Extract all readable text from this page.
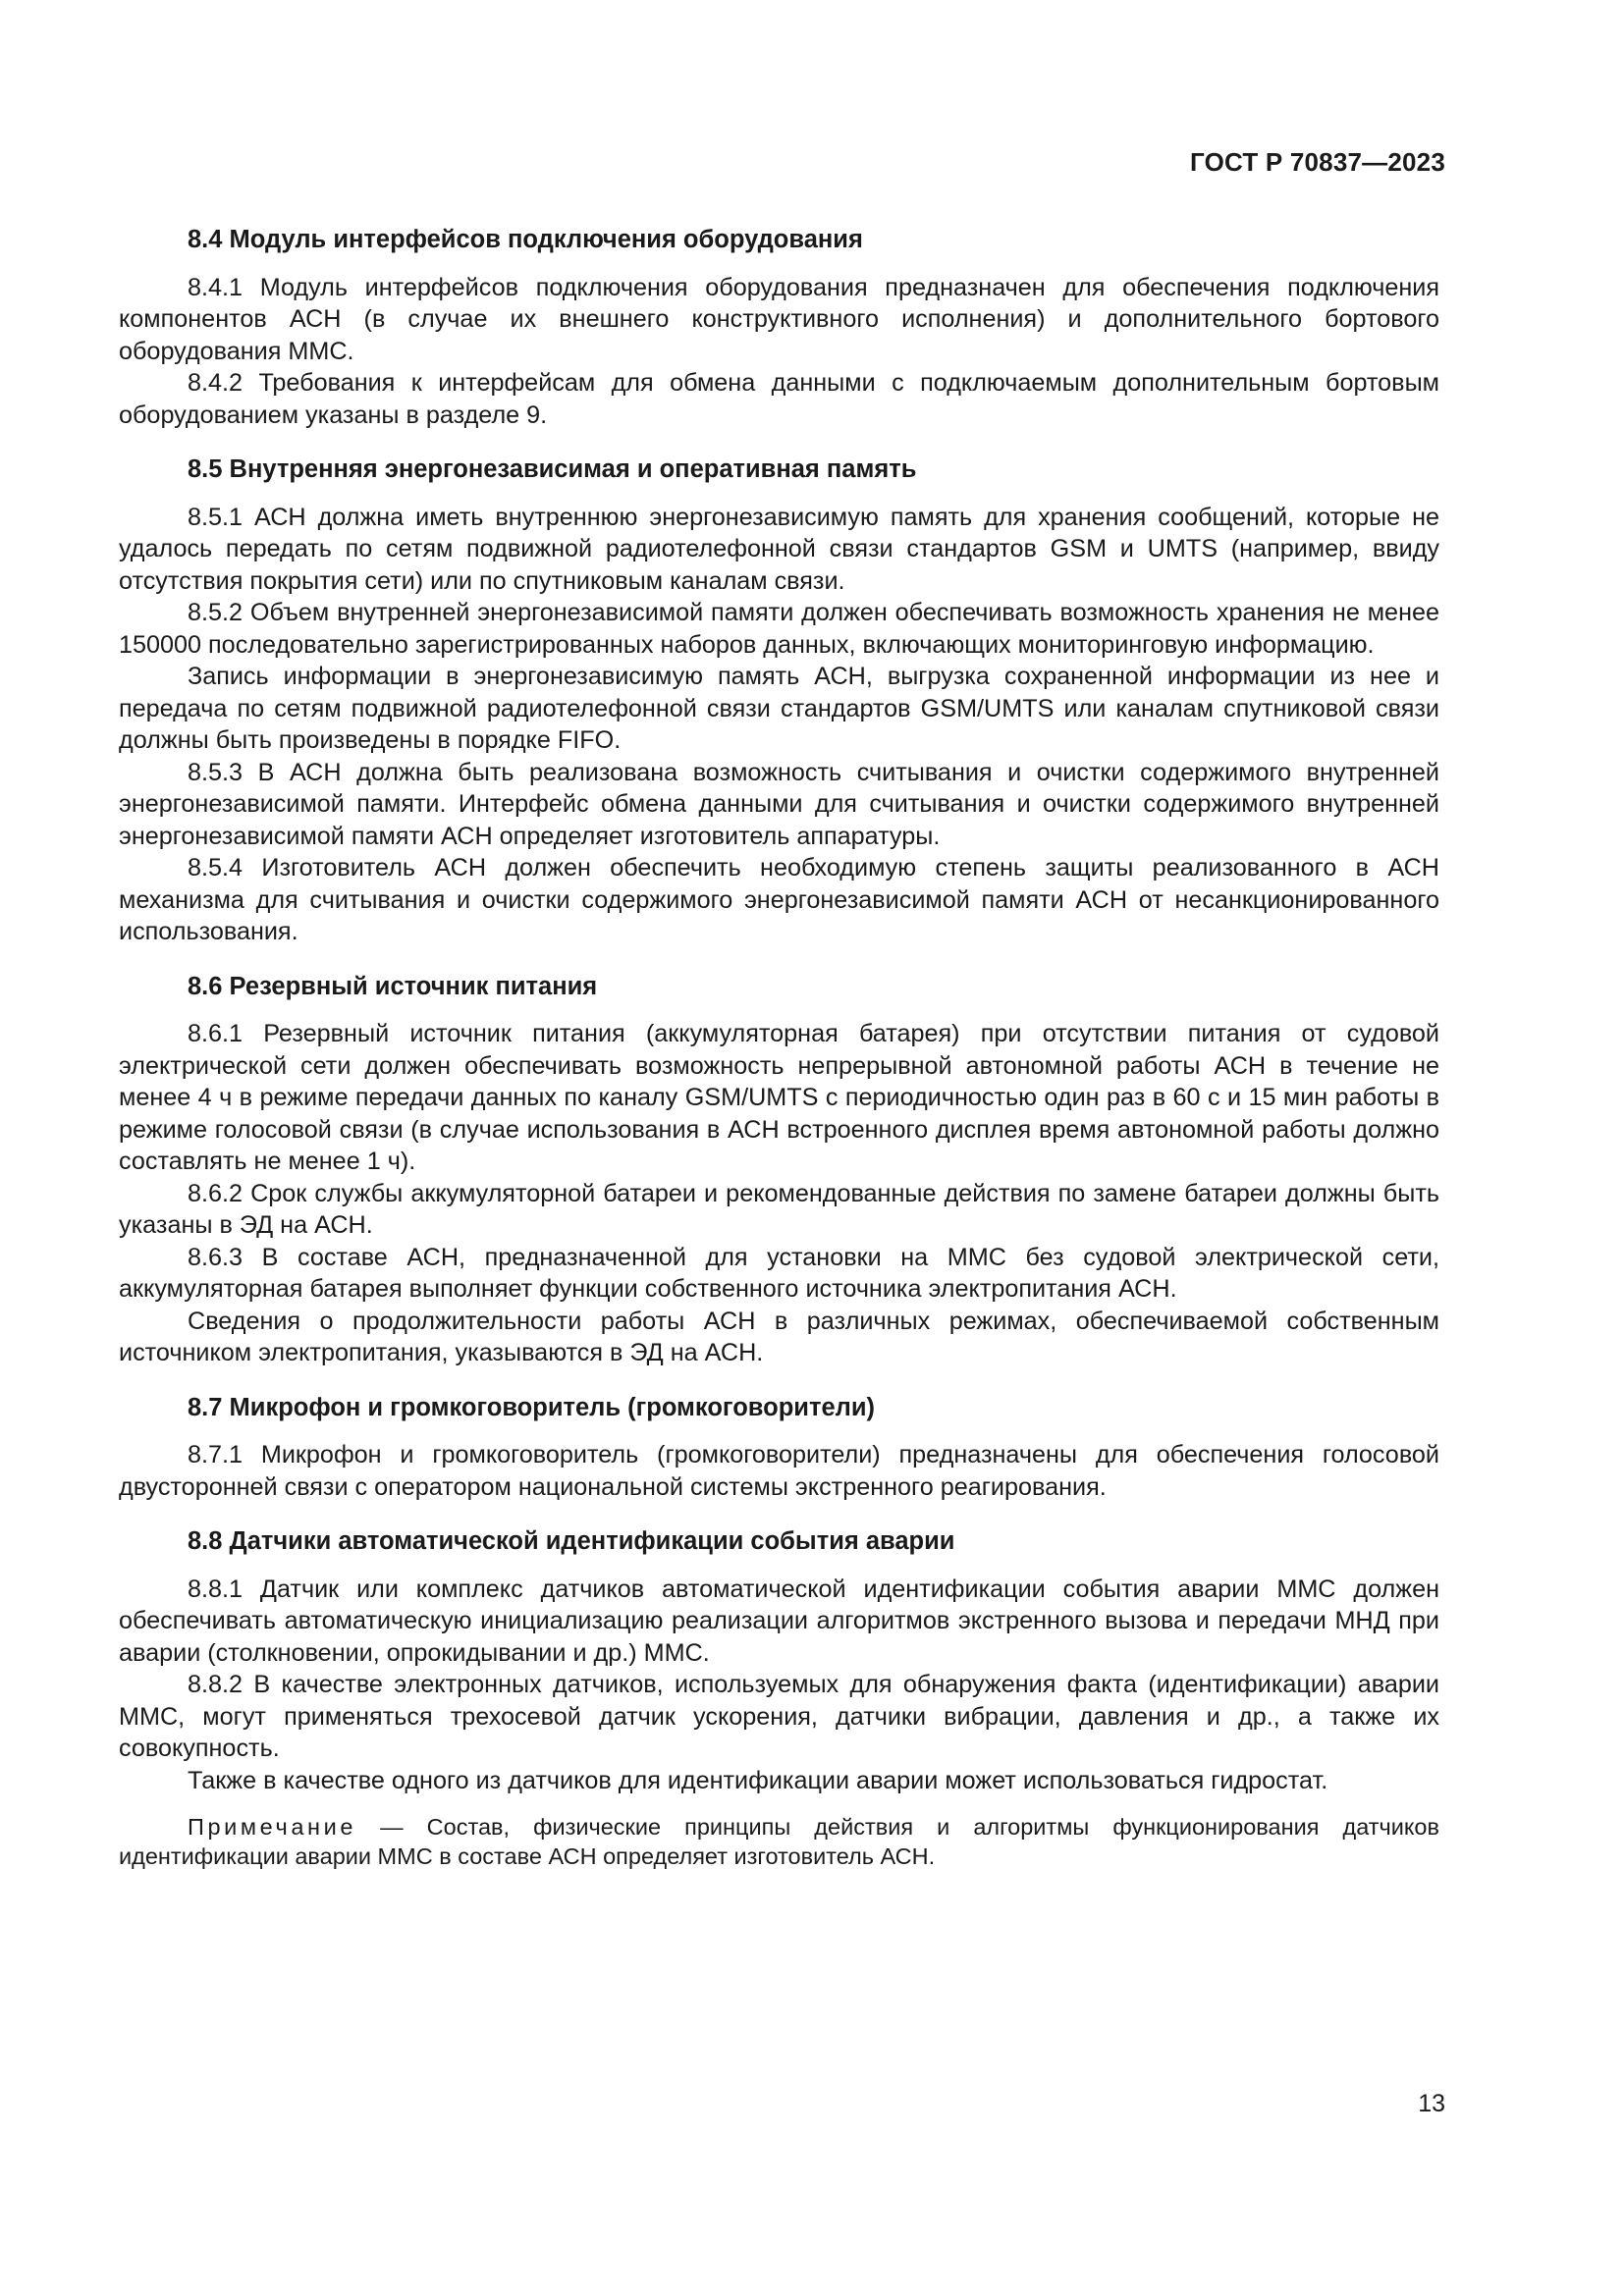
ГОСТ Р 70837—2023

8.4 Модуль интерфейсов подключения оборудования

8.4.1 Модуль интерфейсов подключения оборудования предназначен для обеспечения подключения компонентов АСН (в случае их внешнего конструктивного исполнения) и дополнительного бортового оборудования ММС.

8.4.2 Требования к интерфейсам для обмена данными с подключаемым дополнительным бортовым оборудованием указаны в разделе 9.

8.5 Внутренняя энергонезависимая и оперативная память

8.5.1 АСН должна иметь внутреннюю энергонезависимую память для хранения сообщений, которые не удалось передать по сетям подвижной радиотелефонной связи стандартов GSM и UMTS (например, ввиду отсутствия покрытия сети) или по спутниковым каналам связи.

8.5.2 Объем внутренней энергонезависимой памяти должен обеспечивать возможность хранения не менее 150000 последовательно зарегистрированных наборов данных, включающих мониторинговую информацию.

Запись информации в энергонезависимую память АСН, выгрузка сохраненной информации из нее и передача по сетям подвижной радиотелефонной связи стандартов GSM/UMTS или каналам спутниковой связи должны быть произведены в порядке FIFO.

8.5.3 В АСН должна быть реализована возможность считывания и очистки содержимого внутренней энергонезависимой памяти. Интерфейс обмена данными для считывания и очистки содержимого внутренней энергонезависимой памяти АСН определяет изготовитель аппаратуры.

8.5.4 Изготовитель АСН должен обеспечить необходимую степень защиты реализованного в АСН механизма для считывания и очистки содержимого энергонезависимой памяти АСН от несанкционированного использования.

8.6 Резервный источник питания

8.6.1 Резервный источник питания (аккумуляторная батарея) при отсутствии питания от судовой электрической сети должен обеспечивать возможность непрерывной автономной работы АСН в течение не менее 4 ч в режиме передачи данных по каналу GSM/UMTS с периодичностью один раз в 60 с и 15 мин работы в режиме голосовой связи (в случае использования в АСН встроенного дисплея время автономной работы должно составлять не менее 1 ч).

8.6.2 Срок службы аккумуляторной батареи и рекомендованные действия по замене батареи должны быть указаны в ЭД на АСН.

8.6.3 В составе АСН, предназначенной для установки на ММС без судовой электрической сети, аккумуляторная батарея выполняет функции собственного источника электропитания АСН.

Сведения о продолжительности работы АСН в различных режимах, обеспечиваемой собственным источником электропитания, указываются в ЭД на АСН.

8.7 Микрофон и громкоговоритель (громкоговорители)

8.7.1 Микрофон и громкоговоритель (громкоговорители) предназначены для обеспечения голосовой двусторонней связи с оператором национальной системы экстренного реагирования.

8.8 Датчики автоматической идентификации события аварии

8.8.1 Датчик или комплекс датчиков автоматической идентификации события аварии ММС должен обеспечивать автоматическую инициализацию реализации алгоритмов экстренного вызова и передачи МНД при аварии (столкновении, опрокидывании и др.) ММС.

8.8.2 В качестве электронных датчиков, используемых для обнаружения факта (идентификации) аварии ММС, могут применяться трехосевой датчик ускорения, датчики вибрации, давления и др., а также их совокупность.

Также в качестве одного из датчиков для идентификации аварии может использоваться гидростат.

Примечание — Состав, физические принципы действия и алгоритмы функционирования датчиков идентификации аварии ММС в составе АСН определяет изготовитель АСН.

13
